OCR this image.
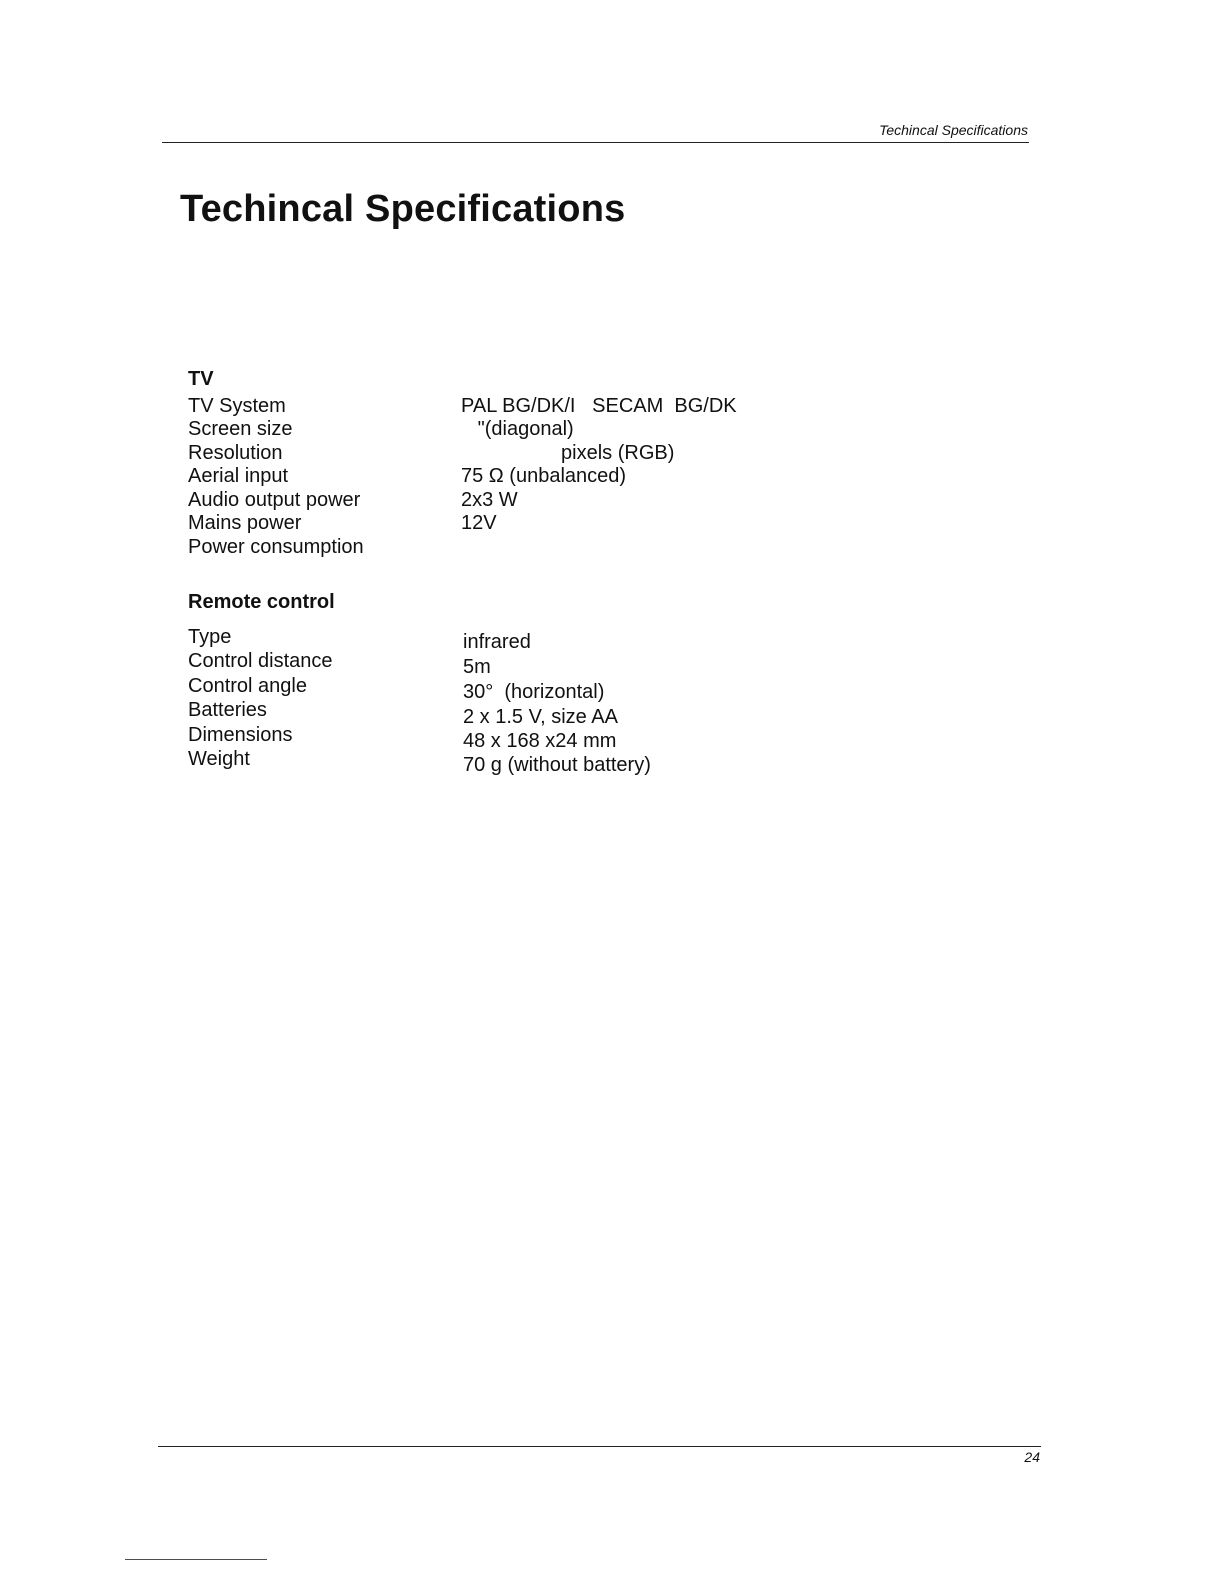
Techincal Specifications
Techincal Specifications
TV
TV System	PAL BG/DK/I   SECAM  BG/DK
Screen size	"(diagonal)
Resolution	pixels (RGB)
Aerial input	75 Ω (unbalanced)
Audio output power	2x3 W
Mains power	12V
Power consumption
Remote control
Type	infrared
Control distance	5m
Control angle	30°  (horizontal)
Batteries	2 x 1.5 V, size AA
Dimensions	48 x 168 x24 mm
Weight	70 g (without battery)
24
